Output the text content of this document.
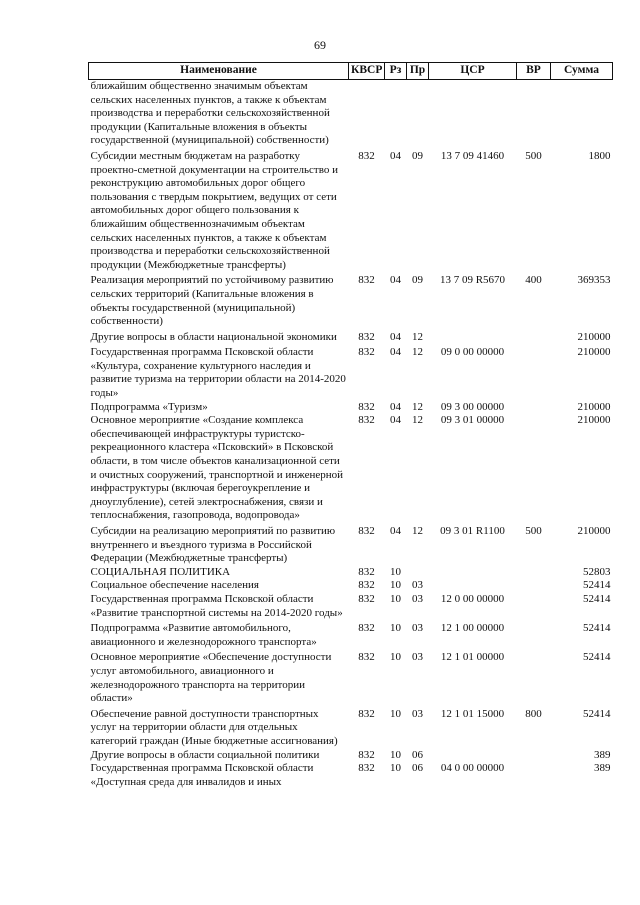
69
Наименование	КВСР	Рз	Пр	ЦСР	ВР	Сумма
ближайшим общественно значимым объектам сельских населенных пунктов, а также к объектам производства и переработки сельскохозяйственной продукции (Капитальные вложения в объекты государственной (муниципальной) собственности)						
Субсидии местным бюджетам на разработку проектно-сметной документации на строительство и реконструкцию автомобильных дорог общего пользования с твердым покрытием, ведущих от сети автомобильных дорог общего пользования к ближайшим общественнозначимым объектам сельских населенных пунктов, а также к объектам производства и переработки сельскохозяйственной продукции (Межбюджетные трансферты)	832	04	09	13 7 09 41460	500	1800
Реализация мероприятий по устойчивому развитию сельских территорий (Капитальные вложения в объекты государственной (муниципальной) собственности)	832	04	09	13 7 09 R5670	400	369353
Другие вопросы в области национальной экономики	832	04	12			210000
Государственная программа Псковской области «Культура, сохранение культурного наследия и развитие туризма на территории области на 2014-2020 годы»	832	04	12	09 0 00 00000		210000
Подпрограмма «Туризм»	832	04	12	09 3 00 00000		210000
Основное мероприятие «Создание комплекса обеспечивающей инфраструктуры туристско-рекреационного кластера «Псковский» в Псковской области, в том числе объектов канализационной сети и очистных сооружений, транспортной и инженерной инфраструктуры (включая берегоукрепление и дноуглубление), сетей электроснабжения, связи и теплоснабжения, газопровода, водопровода»	832	04	12	09 3 01 00000		210000
Субсидии на реализацию мероприятий по развитию внутреннего и въездного туризма в Российской Федерации (Межбюджетные трансферты)	832	04	12	09 3 01 R1100	500	210000
СОЦИАЛЬНАЯ ПОЛИТИКА	832	10				52803
Социальное обеспечение населения	832	10	03			52414
Государственная программа Псковской области «Развитие транспортной системы на 2014-2020 годы»	832	10	03	12 0 00 00000		52414
Подпрограмма «Развитие автомобильного, авиационного и железнодорожного транспорта»	832	10	03	12 1 00 00000		52414
Основное мероприятие «Обеспечение доступности услуг автомобильного, авиационного и железнодорожного транспорта на территории области»	832	10	03	12 1 01 00000		52414
Обеспечение равной доступности транспортных услуг на территории области для отдельных категорий граждан (Иные бюджетные ассигнования)	832	10	03	12 1 01 15000	800	52414
Другие вопросы в области социальной политики	832	10	06			389
Государственная программа Псковской области «Доступная среда для инвалидов и иных	832	10	06	04 0 00 00000		389
